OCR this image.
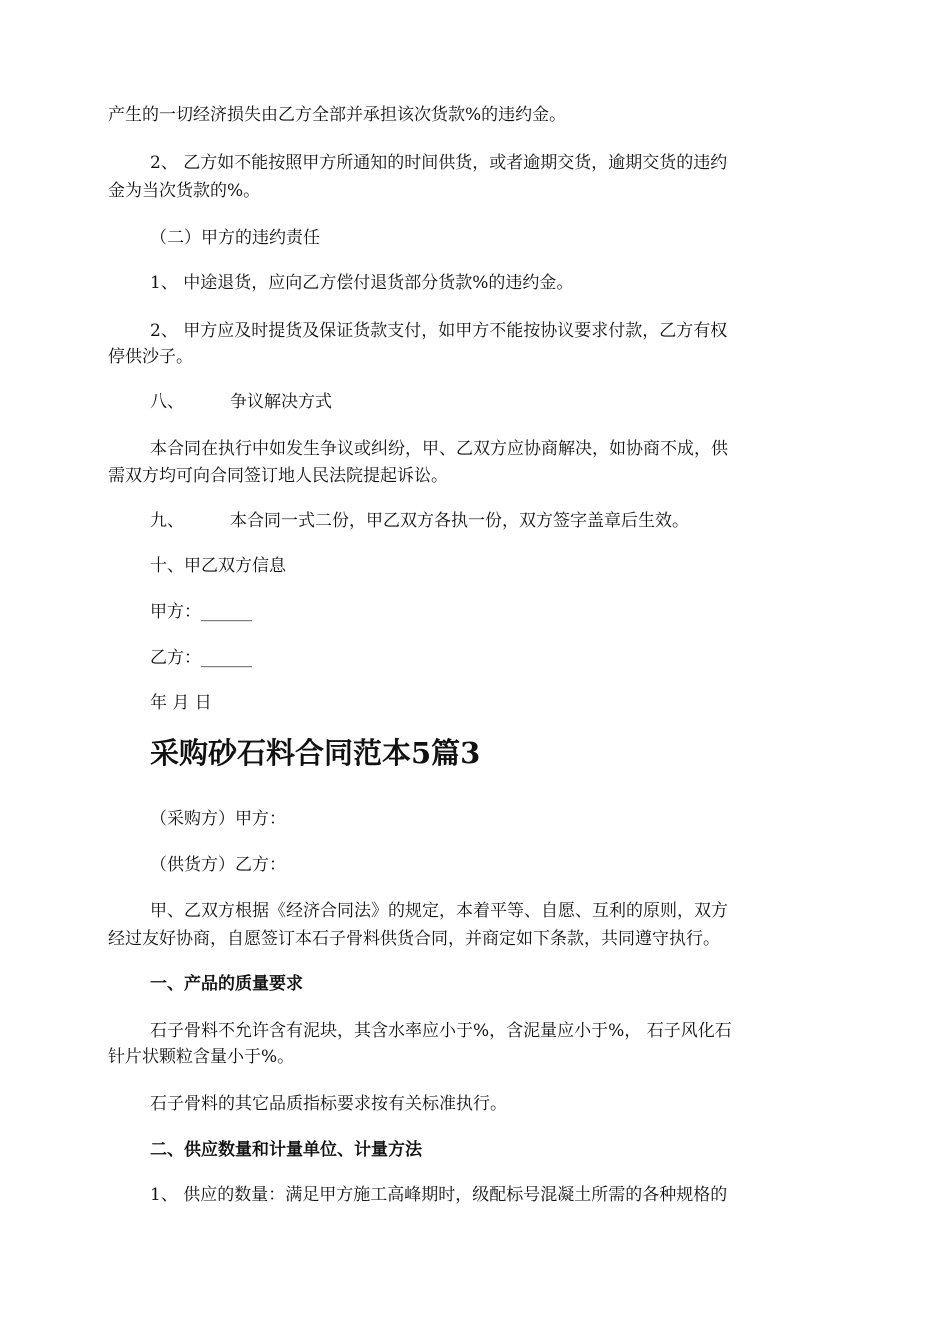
产生的一切经济损失由乙方全部并承担该次货款%的违约金。
2、 乙方如不能按照甲方所通知的时间供货，或者逾期交货，逾期交货的违约
金为当次货款的%。
（二）甲方的违约责任
1、 中途退货，应向乙方偿付退货部分货款%的违约金。
2、 甲方应及时提货及保证货款支付，如甲方不能按协议要求付款，乙方有权
停供沙子。
八、	争议解决方式
本合同在执行中如发生争议或纠纷，甲、乙双方应协商解决，如协商不成，供
需双方均可向合同签订地人民法院提起诉讼。
九、	本合同一式二份，甲乙双方各执一份，双方签字盖章后生效。
十、甲乙双方信息
甲方：______
乙方：______
年 月 日
采购砂石料合同范本5篇3
（采购方）甲方：
（供货方）乙方：
甲、乙双方根据《经济合同法》的规定，本着平等、自愿、互利的原则，双方
经过友好协商，自愿签订本石子骨料供货合同，并商定如下条款，共同遵守执行。
一、产品的质量要求
石子骨料不允许含有泥块，其含水率应小于%，含泥量应小于%， 石子风化石
针片状颗粒含量小于%。
石子骨料的其它品质指标要求按有关标准执行。
二、供应数量和计量单位、计量方法
1、 供应的数量：满足甲方施工高峰期时，级配标号混凝土所需的各种规格的
